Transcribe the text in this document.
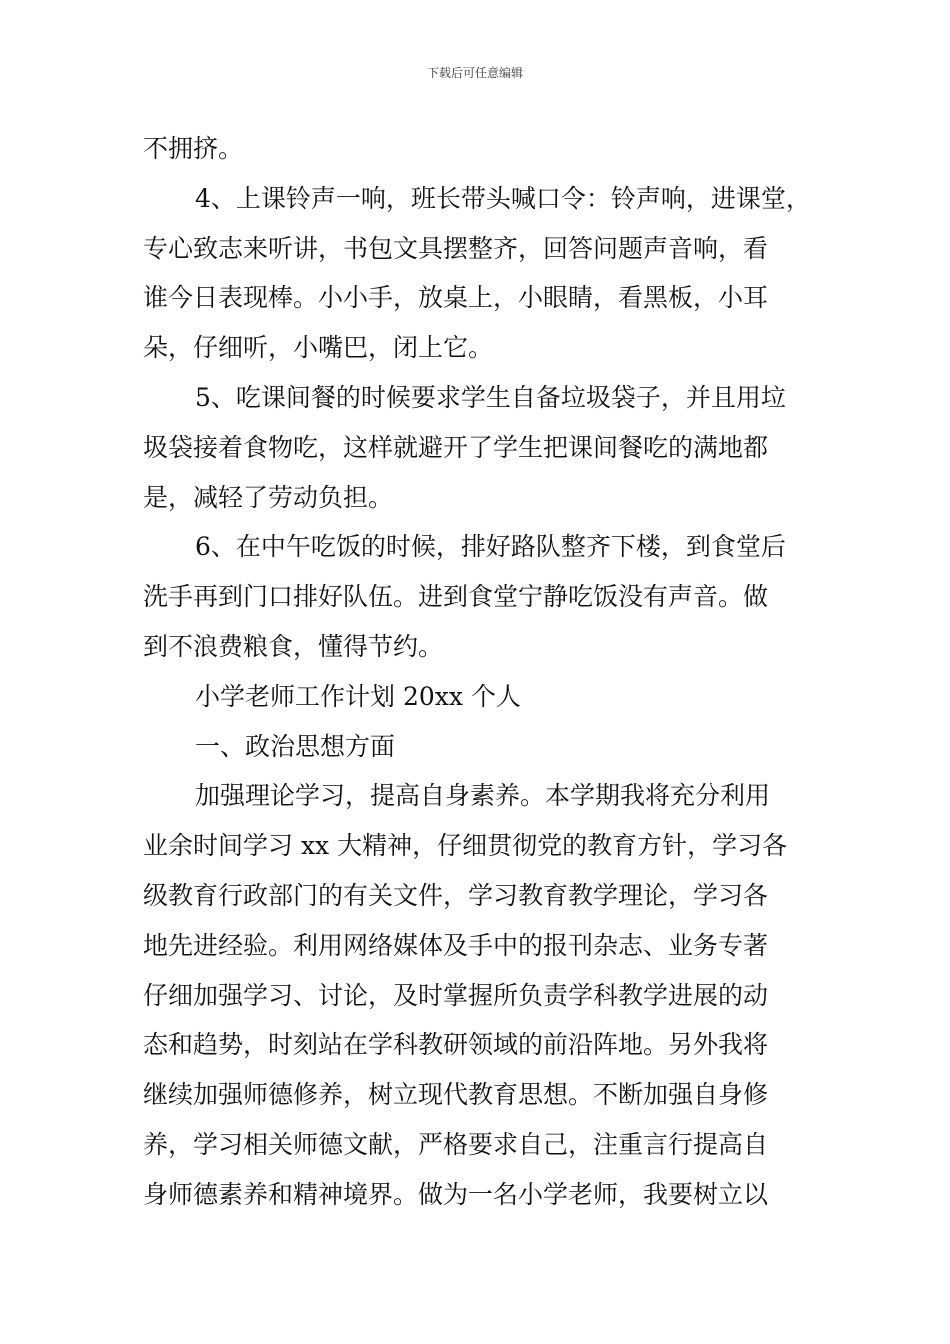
下载后可任意编辑
不拥挤。
4、上课铃声一响，班长带头喊口令：铃声响，进课堂，
专心致志来听讲，书包文具摆整齐，回答问题声音响，看
谁今日表现棒。小小手，放桌上，小眼睛，看黑板，小耳
朵，仔细听，小嘴巴，闭上它。
5、吃课间餐的时候要求学生自备垃圾袋子，并且用垃
圾袋接着食物吃，这样就避开了学生把课间餐吃的满地都
是，减轻了劳动负担。
6、在中午吃饭的时候，排好路队整齐下楼，到食堂后
洗手再到门口排好队伍。进到食堂宁静吃饭没有声音。做
到不浪费粮食，懂得节约。
小学老师工作计划 20xx 个人
一、政治思想方面
加强理论学习，提高自身素养。本学期我将充分利用
业余时间学习 xx 大精神，仔细贯彻党的教育方针，学习各
级教育行政部门的有关文件，学习教育教学理论，学习各
地先进经验。利用网络媒体及手中的报刊杂志、业务专著
仔细加强学习、讨论，及时掌握所负责学科教学进展的动
态和趋势，时刻站在学科教研领域的前沿阵地。另外我将
继续加强师德修养，树立现代教育思想。不断加强自身修
养，学习相关师德文献，严格要求自己，注重言行提高自
身师德素养和精神境界。做为一名小学老师，我要树立以
